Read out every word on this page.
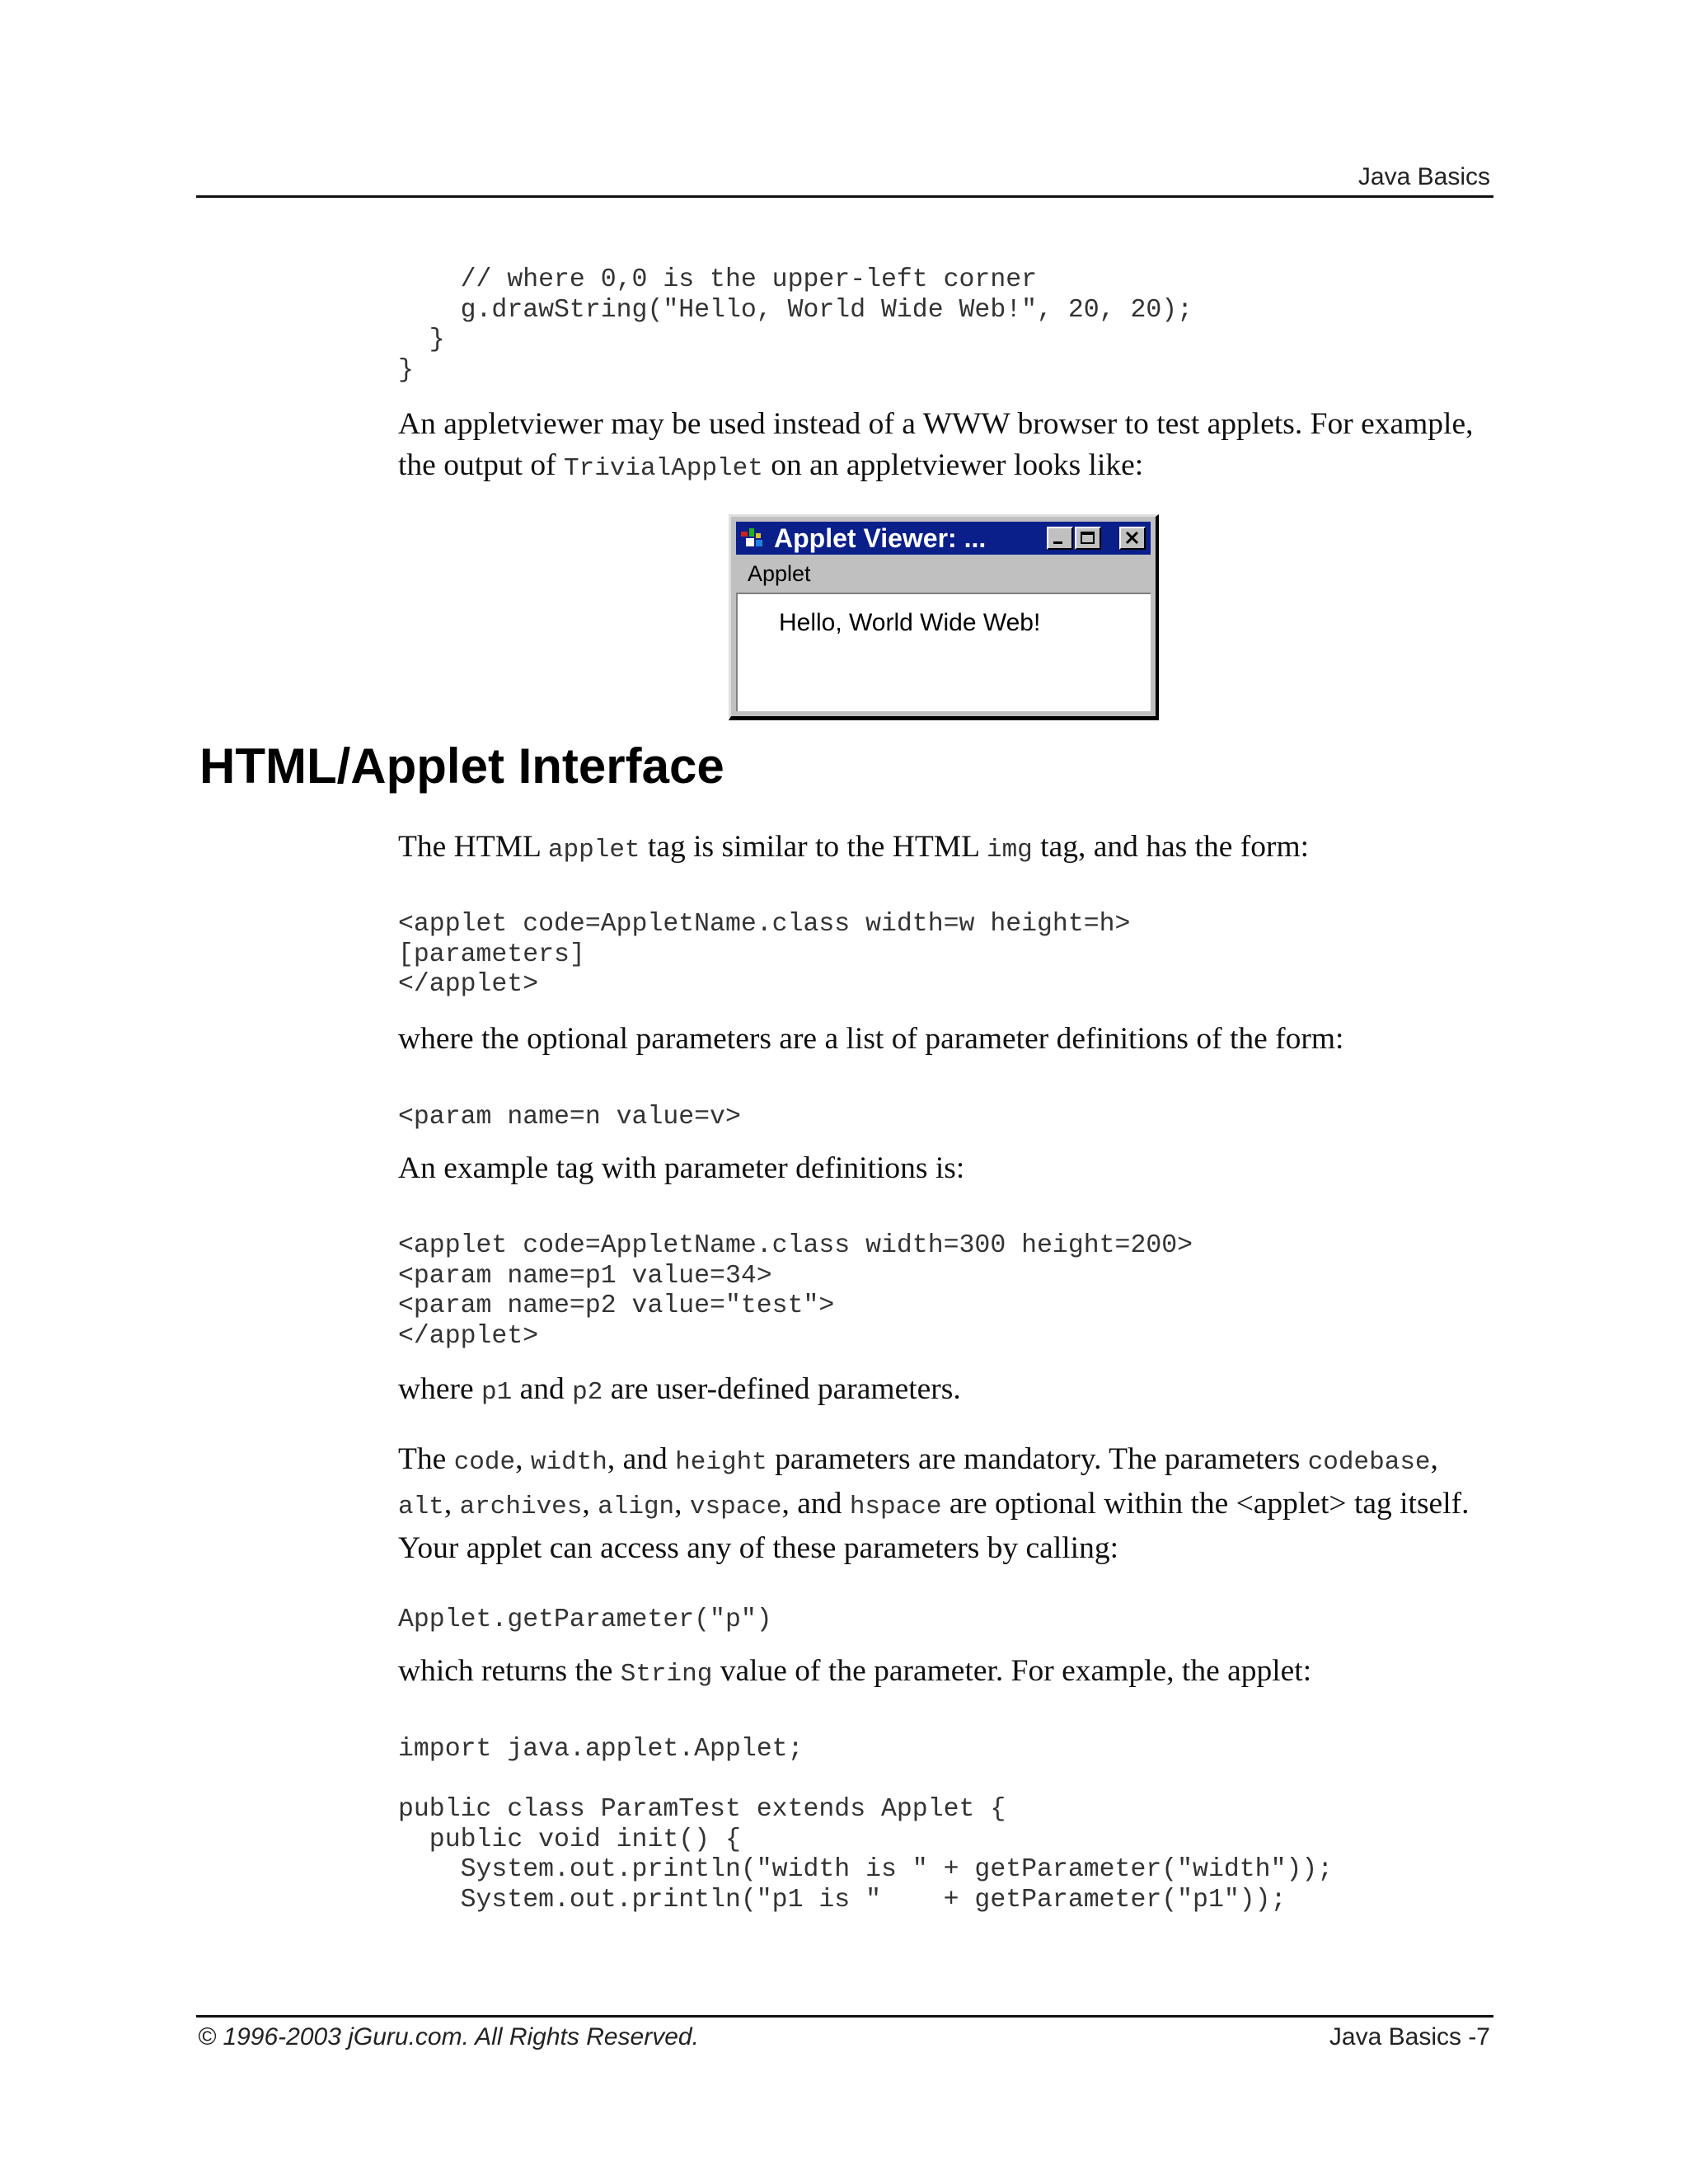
Java Basics
// where 0,0 is the upper-left corner
g.drawString("Hello, World Wide Web!", 20, 20);
}
}

An appletviewer may be used instead of a WWW browser to test applets. For example, the output of TrivialApplet on an appletviewer looks like:

Applet Viewer: ...
Applet
Hello, World Wide Web!
HTML/Applet Interface

The HTML applet tag is similar to the HTML img tag, and has the form:

<applet code=AppletName.class width=w height=h>
[parameters]
</applet>

where the optional parameters are a list of parameter definitions of the form:

<param name=n value=v>

An example tag with parameter definitions is:

<applet code=AppletName.class width=300 height=200>
<param name=p1 value=34>
<param name=p2 value="test">
</applet>

where p1 and p2 are user-defined parameters.

The code, width, and height parameters are mandatory. The parameters codebase, alt, archives, align, vspace, and hspace are optional within the <applet> tag itself. Your applet can access any of these parameters by calling:

Applet.getParameter("p")

which returns the String value of the parameter. For example, the applet:

import java.applet.Applet;

public class ParamTest extends Applet {
public void init() {
System.out.println("width is " + getParameter("width"));
System.out.println("p1 is "    + getParameter("p1"));
© 1996-2003 jGuru.com. All Rights Reserved.	Java Basics -7
